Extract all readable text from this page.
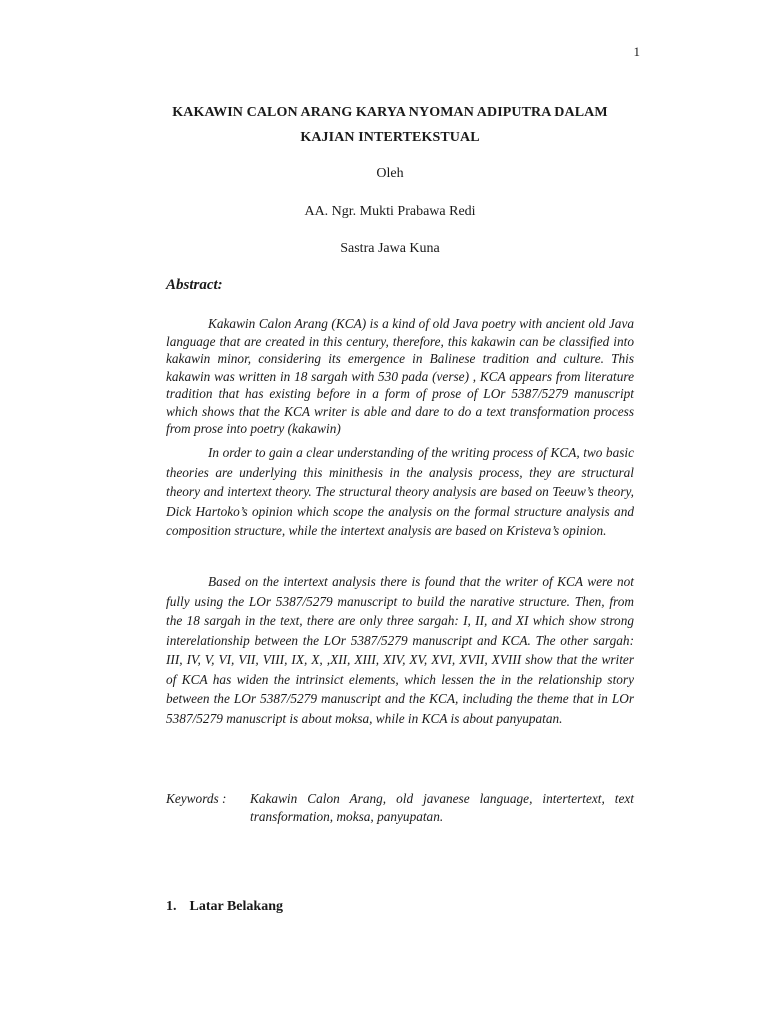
1
KAKAWIN CALON ARANG KARYA NYOMAN ADIPUTRA DALAM
KAJIAN INTERTEKSTUAL
Oleh
AA. Ngr. Mukti Prabawa Redi
Sastra Jawa Kuna
Abstract:

Kakawin Calon Arang (KCA) is a kind of old Java poetry with ancient old Java language that are created in this century, therefore, this kakawin can be classified into kakawin minor, considering its emergence in Balinese tradition and culture. This kakawin was written in 18 sargah with 530 pada (verse) , KCA appears from literature tradition that has existing before in a form of prose of LOr 5387/5279 manuscript which shows that the KCA writer is able and dare to do a text transformation process from prose into poetry (kakawin)

In order to gain a clear understanding of the writing process of KCA, two basic theories are underlying this minithesis in the analysis process, they are structural theory and intertext theory. The structural theory analysis are based on Teeuw’s theory, Dick Hartoko’s opinion which scope the analysis on the formal structure analysis and composition structure, while the intertext analysis are based on Kristeva’s opinion.

Based on the intertext analysis there is found that the writer of KCA were not fully using the LOr 5387/5279 manuscript to build the narative structure. Then, from the 18 sargah in the text, there are only three sargah: I, II, and XI which show strong interelationship between the LOr 5387/5279 manuscript and KCA. The other sargah: III, IV, V, VI, VII, VIII, IX, X, ,XII, XIII, XIV, XV, XVI, XVII, XVIII show that the writer of KCA has widen the intrinsict elements, which lessen the in the relationship story between the LOr 5387/5279 manuscript and the KCA, including the theme that in LOr 5387/5279 manuscript is about moksa, while in KCA is about panyupatan.

Keywords :	Kakawin Calon Arang, old javanese language, intertertext, text transformation, moksa, panyupatan.
1. Latar Belakang
